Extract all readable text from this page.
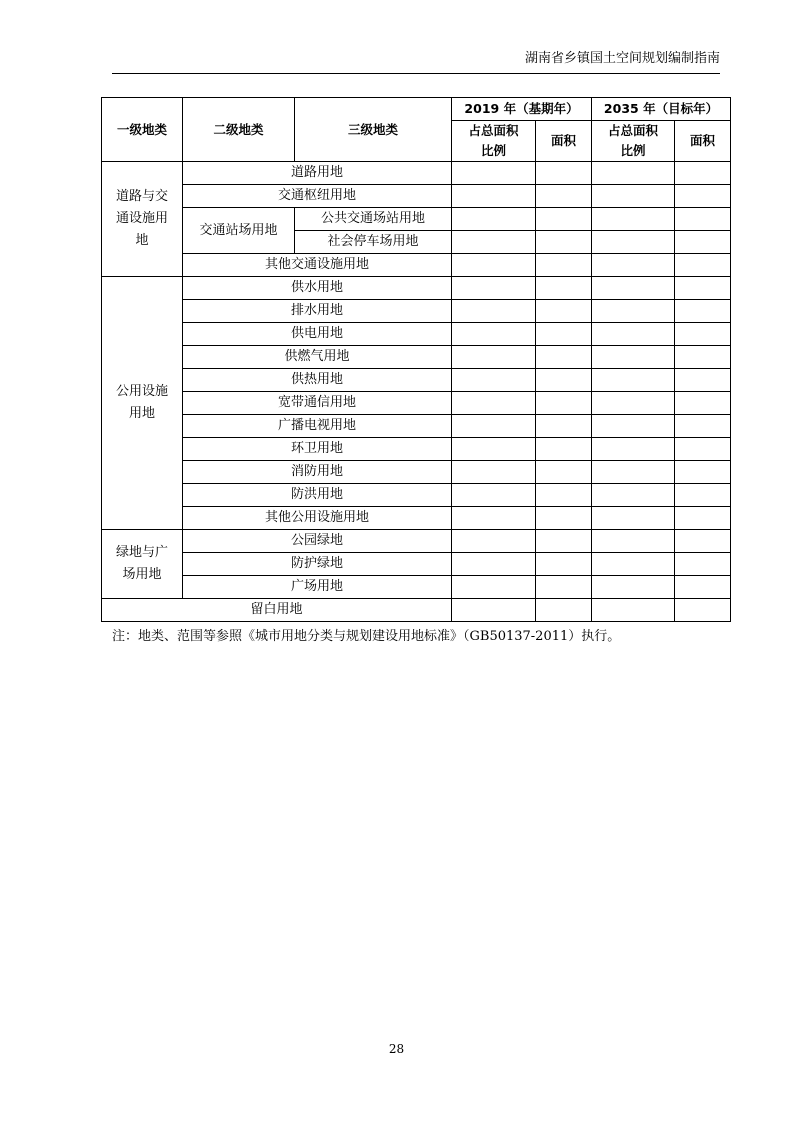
湖南省乡镇国土空间规划编制指南
一级地类	二级地类	三级地类	2019 年（基期年）		2035 年（目标年）	
			占总面积比例	面积	占总面积比例	面积
道路与交通设施用地	道路用地					
	交通枢纽用地					
	交通站场用地	公共交通场站用地				
		社会停车场用地				
	其他交通设施用地					
公用设施用地	供水用地					
	排水用地					
	供电用地					
	供燃气用地					
	供热用地					
	宽带通信用地					
	广播电视用地					
	环卫用地					
	消防用地					
	防洪用地					
	其他公用设施用地					
绿地与广场用地	公园绿地					
	防护绿地					
	广场用地					
留白用地						
注：地类、范围等参照《城市用地分类与规划建设用地标准》（GB50137-2011）执行。
28
